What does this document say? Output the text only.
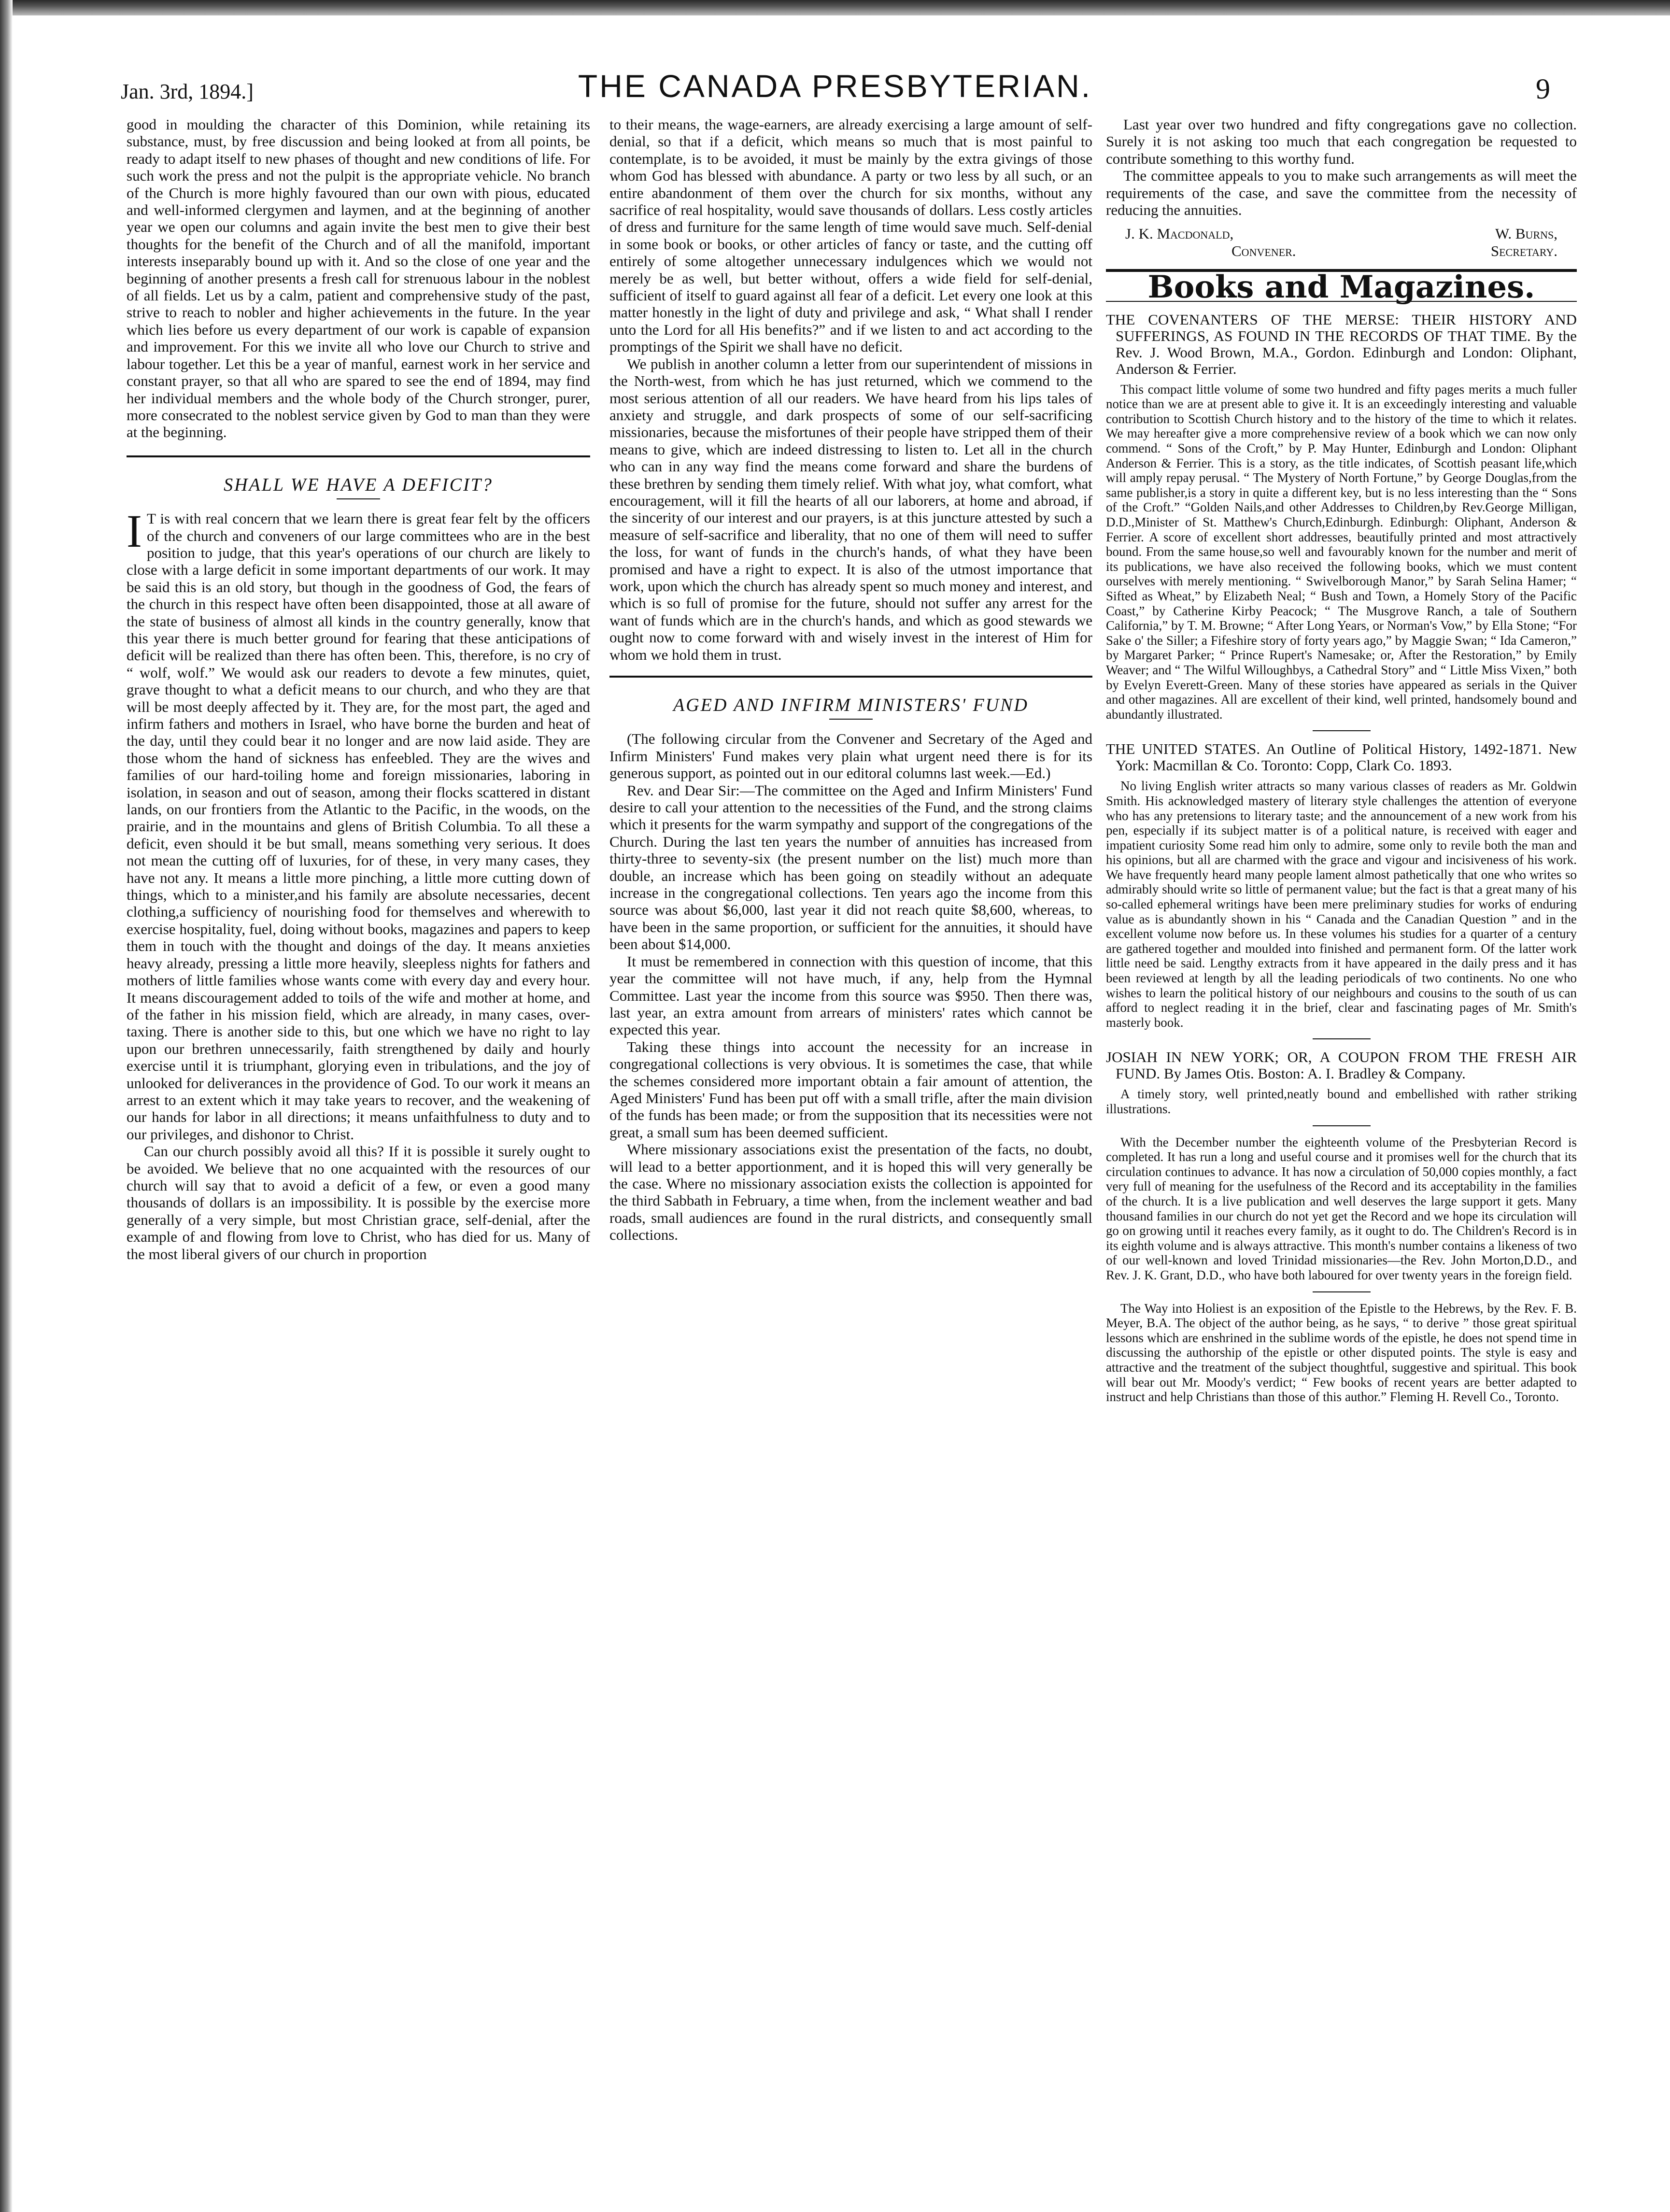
Jan. 3rd, 1894.]	THE CANADA PRESBYTERIAN.	9

good in moulding the character of this Dominion, while retaining its substance, must, by free discussion and being looked at from all points, be ready to adapt itself to new phases of thought and new conditions of life. For such work the press and not the pulpit is the appropriate vehicle. No branch of the Church is more highly favoured than our own with pious, educated and well-informed clergymen and laymen, and at the beginning of another year we open our columns and again invite the best men to give their best thoughts for the benefit of the Church and of all the manifold, important interests inseparably bound up with it. And so the close of one year and the beginning of another presents a fresh call for strenuous labour in the noblest of all fields. Let us by a calm, patient and comprehensive study of the past, strive to reach to nobler and higher achievements in the future. In the year which lies before us every department of our work is capable of expansion and improvement. For this we invite all who love our Church to strive and labour together. Let this be a year of manful, earnest work in her service and constant prayer, so that all who are spared to see the end of 1894, may find her individual members and the whole body of the Church stronger, purer, more consecrated to the noblest service given by God to man than they were at the beginning.

SHALL WE HAVE A DEFICIT?

I T is with real concern that we learn there is great fear felt by the officers of the church and conveners of our large committees who are in the best position to judge, that this year's operations of our church are likely to close with a large deficit in some important departments of our work. It may be said this is an old story, but though in the goodness of God, the fears of the church in this respect have often been disappointed, those at all aware of the state of business of almost all kinds in the country generally, know that this year there is much better ground for fearing that these anticipations of deficit will be realized than there has often been. This, therefore, is no cry of “ wolf, wolf.” We would ask our readers to devote a few minutes, quiet, grave thought to what a deficit means to our church, and who they are that will be most deeply affected by it. They are, for the most part, the aged and infirm fathers and mothers in Israel, who have borne the burden and heat of the day, until they could bear it no longer and are now laid aside. They are those whom the hand of sickness has enfeebled. They are the wives and families of our hard-toiling home and foreign missionaries, laboring in isolation, in season and out of season, among their flocks scattered in distant lands, on our frontiers from the Atlantic to the Pacific, in the woods, on the prairie, and in the mountains and glens of British Columbia. To all these a deficit, even should it be but small, means something very serious. It does not mean the cutting off of luxuries, for of these, in very many cases, they have not any. It means a little more pinching, a little more cutting down of things, which to a minister,and his family are absolute necessaries, decent clothing,a sufficiency of nourishing food for themselves and wherewith to exercise hospitality, fuel, doing without books, magazines and papers to keep them in touch with the thought and doings of the day. It means anxieties heavy already, pressing a little more heavily, sleepless nights for fathers and mothers of little families whose wants come with every day and every hour. It means discouragement added to toils of the wife and mother at home, and of the father in his mission field, which are already, in many cases, over-taxing. There is another side to this, but one which we have no right to lay upon our brethren unnecessarily, faith strengthened by daily and hourly exercise until it is triumphant, glorying even in tribulations, and the joy of unlooked for deliverances in the providence of God. To our work it means an arrest to an extent which it may take years to recover, and the weakening of our hands for labor in all directions; it means unfaithfulness to duty and to our privileges, and dishonor to Christ.

Can our church possibly avoid all this? If it is possible it surely ought to be avoided. We believe that no one acquainted with the resources of our church will say that to avoid a deficit of a few, or even a good many thousands of dollars is an impossibility. It is possible by the exercise more generally of a very simple, but most Christian grace, self-denial, after the example of and flowing from love to Christ, who has died for us. Many of the most liberal givers of our church in proportion

to their means, the wage-earners, are already exercising a large amount of self-denial, so that if a deficit, which means so much that is most painful to contemplate, is to be avoided, it must be mainly by the extra givings of those whom God has blessed with abundance. A party or two less by all such, or an entire abandonment of them over the church for six months, without any sacrifice of real hospitality, would save thousands of dollars. Less costly articles of dress and furniture for the same length of time would save much. Self-denial in some book or books, or other articles of fancy or taste, and the cutting off entirely of some altogether unnecessary indulgences which we would not merely be as well, but better without, offers a wide field for self-denial, sufficient of itself to guard against all fear of a deficit. Let every one look at this matter honestly in the light of duty and privilege and ask, “ What shall I render unto the Lord for all His benefits?” and if we listen to and act according to the promptings of the Spirit we shall have no deficit.

We publish in another column a letter from our superintendent of missions in the North-west, from which he has just returned, which we commend to the most serious attention of all our readers. We have heard from his lips tales of anxiety and struggle, and dark prospects of some of our self-sacrificing missionaries, because the misfortunes of their people have stripped them of their means to give, which are indeed distressing to listen to. Let all in the church who can in any way find the means come forward and share the burdens of these brethren by sending them timely relief. With what joy, what comfort, what encouragement, will it fill the hearts of all our laborers, at home and abroad, if the sincerity of our interest and our prayers, is at this juncture attested by such a measure of self-sacrifice and liberality, that no one of them will need to suffer the loss, for want of funds in the church's hands, of what they have been promised and have a right to expect. It is also of the utmost importance that work, upon which the church has already spent so much money and interest, and which is so full of promise for the future, should not suffer any arrest for the want of funds which are in the church's hands, and which as good stewards we ought now to come forward with and wisely invest in the interest of Him for whom we hold them in trust.

AGED AND INFIRM MINISTERS' FUND

(The following circular from the Convener and Secretary of the Aged and Infirm Ministers' Fund makes very plain what urgent need there is for its generous support, as pointed out in our editoral columns last week.—Ed.)

Rev. and Dear Sir:—The committee on the Aged and Infirm Ministers' Fund desire to call your attention to the necessities of the Fund, and the strong claims which it presents for the warm sympathy and support of the congregations of the Church. During the last ten years the number of annuities has increased from thirty-three to seventy-six (the present number on the list) much more than double, an increase which has been going on steadily without an adequate increase in the congregational collections. Ten years ago the income from this source was about $6,000, last year it did not reach quite $8,600, whereas, to have been in the same proportion, or sufficient for the annuities, it should have been about $14,000.

It must be remembered in connection with this question of income, that this year the committee will not have much, if any, help from the Hymnal Committee. Last year the income from this source was $950. Then there was, last year, an extra amount from arrears of ministers' rates which cannot be expected this year.

Taking these things into account the necessity for an increase in congregational collections is very obvious. It is sometimes the case, that while the schemes considered more important obtain a fair amount of attention, the Aged Ministers' Fund has been put off with a small trifle, after the main division of the funds has been made; or from the supposition that its necessities were not great, a small sum has been deemed sufficient.

Where missionary associations exist the presentation of the facts, no doubt, will lead to a better apportionment, and it is hoped this will very generally be the case. Where no missionary association exists the collection is appointed for the third Sabbath in February, a time when, from the inclement weather and bad roads, small audiences are found in the rural districts, and consequently small collections.

Last year over two hundred and fifty congregations gave no collection. Surely it is not asking too much that each congregation be requested to contribute something to this worthy fund.

The committee appeals to you to make such arrangements as will meet the requirements of the case, and save the committee from the necessity of reducing the annuities.

J. K. Macdonald,	W. Burns,
Convener.	Secretary.
Books and Magazines.
THE COVENANTERS OF THE MERSE: THEIR HISTORY AND SUFFERINGS, AS FOUND IN THE RECORDS OF THAT TIME. By the Rev. J. Wood Brown, M.A., Gordon. Edinburgh and London: Oliphant, Anderson & Ferrier.

This compact little volume of some two hundred and fifty pages merits a much fuller notice than we are at present able to give it. It is an exceedingly interesting and valuable contribution to Scottish Church history and to the history of the time to which it relates. We may hereafter give a more comprehensive review of a book which we can now only commend. “ Sons of the Croft,” by P. May Hunter, Edinburgh and London: Oliphant Anderson & Ferrier. This is a story, as the title indicates, of Scottish peasant life,which will amply repay perusal. “ The Mystery of North Fortune,” by George Douglas,from the same publisher,is a story in quite a different key, but is no less interesting than the “ Sons of the Croft.” “Golden Nails,and other Addresses to Children,by Rev.George Milligan, D.D.,Minister of St. Matthew's Church,Edinburgh. Edinburgh: Oliphant, Anderson & Ferrier. A score of excellent short addresses, beautifully printed and most attractively bound. From the same house,so well and favourably known for the number and merit of its publications, we have also received the following books, which we must content ourselves with merely mentioning. “ Swivelborough Manor,” by Sarah Selina Hamer; “ Sifted as Wheat,” by Elizabeth Neal; “ Bush and Town, a Homely Story of the Pacific Coast,” by Catherine Kirby Peacock; “ The Musgrove Ranch, a tale of Southern California,” by T. M. Browne; “ After Long Years, or Norman's Vow,” by Ella Stone; “For Sake o' the Siller; a Fifeshire story of forty years ago,” by Maggie Swan; “ Ida Cameron,” by Margaret Parker; “ Prince Rupert's Namesake; or, After the Restoration,” by Emily Weaver; and “ The Wilful Willoughbys, a Cathedral Story” and “ Little Miss Vixen,” both by Evelyn Everett-Green. Many of these stories have appeared as serials in the Quiver and other magazines. All are excellent of their kind, well printed, handsomely bound and abundantly illustrated.

THE UNITED STATES. An Outline of Political History, 1492-1871. New York: Macmillan & Co. Toronto: Copp, Clark Co. 1893.

No living English writer attracts so many various classes of readers as Mr. Goldwin Smith. His acknowledged mastery of literary style challenges the attention of everyone who has any pretensions to literary taste; and the announcement of a new work from his pen, especially if its subject matter is of a political nature, is received with eager and impatient curiosity Some read him only to admire, some only to revile both the man and his opinions, but all are charmed with the grace and vigour and incisiveness of his work. We have frequently heard many people lament almost pathetically that one who writes so admirably should write so little of permanent value; but the fact is that a great many of his so-called ephemeral writings have been mere preliminary studies for works of enduring value as is abundantly shown in his “ Canada and the Canadian Question ” and in the excellent volume now before us. In these volumes his studies for a quarter of a century are gathered together and moulded into finished and permanent form. Of the latter work little need be said. Lengthy extracts from it have appeared in the daily press and it has been reviewed at length by all the leading periodicals of two continents. No one who wishes to learn the political history of our neighbours and cousins to the south of us can afford to neglect reading it in the brief, clear and fascinating pages of Mr. Smith's masterly book.

JOSIAH IN NEW YORK; OR, A COUPON FROM THE FRESH AIR FUND. By James Otis. Boston: A. I. Bradley & Company.

A timely story, well printed,neatly bound and embellished with rather striking illustrations.

With the December number the eighteenth volume of the Presbyterian Record is completed. It has run a long and useful course and it promises well for the church that its circulation continues to advance. It has now a circulation of 50,000 copies monthly, a fact very full of meaning for the usefulness of the Record and its acceptability in the families of the church. It is a live publication and well deserves the large support it gets. Many thousand families in our church do not yet get the Record and we hope its circulation will go on growing until it reaches every family, as it ought to do. The Children's Record is in its eighth volume and is always attractive. This month's number contains a likeness of two of our well-known and loved Trinidad missionaries—the Rev. John Morton,D.D., and Rev. J. K. Grant, D.D., who have both laboured for over twenty years in the foreign field.

The Way into Holiest is an exposition of the Epistle to the Hebrews, by the Rev. F. B. Meyer, B.A. The object of the author being, as he says, “ to derive ” those great spiritual lessons which are enshrined in the sublime words of the epistle, he does not spend time in discussing the authorship of the epistle or other disputed points. The style is easy and attractive and the treatment of the subject thoughtful, suggestive and spiritual. This book will bear out Mr. Moody's verdict; “ Few books of recent years are better adapted to instruct and help Christians than those of this author.” Fleming H. Revell Co., Toronto.
